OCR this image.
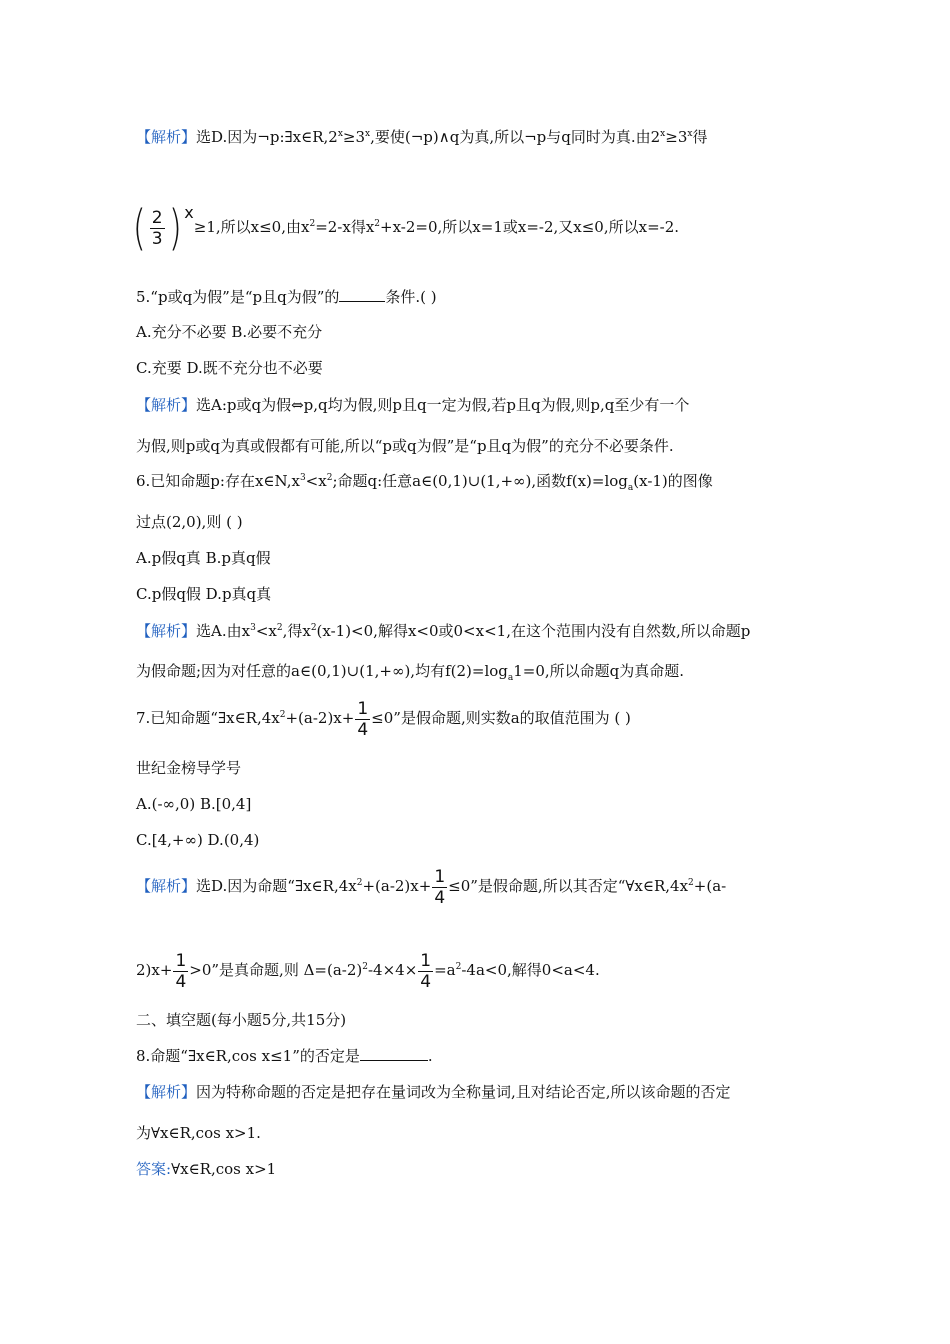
【解析】选D.因为$\neg p:\exists x\in R,2^x\ge 3^x$,要使(¬p)∧q为真,所以¬p与q同时为真.由$2^x\ge 3^x$得
( $\frac{2}{3}$ ) x≥1,所以x≤0,由$x^2=2-x$得$x^2+x-2=0$,所以x=1或x=-2,又x≤0,所以x=-2.
5.“p或q为假”是“p且q为假”的	条件.( )
A.充分不必要 B.必要不充分
C.充要 D.既不充分也不必要
【解析】选A:p或q为假⇔p,q均为假,则p且q一定为假,若p且q为假,则p,q至少有一个
为假,则p或q为真或假都有可能,所以“p或q为假”是“p且q为假”的充分不必要条件.
6.已知命题p:存在$x\in N,x^3<x^2$;命题q:任意a∈(0,1)∪(1,+∞),函数$f(x)=\log_a(x-1)$的图像
过点(2,0),则 ( )
A.p假q真 B.p真q假
C.p假q假 D.p真q真
【解析】选A.由$x^3<x^2$,得$x^2(x-1)<0$,解得x<0或0<x<1,在这个范围内没有自然数,所以命题p
为假命题;因为对任意的a∈(0,1)∪(1,+∞),均有$f(2)=\log_a1=0$,所以命题q为真命题.
7.已知命题“$\exists x\in R,4x^2+(a-2)x+ \frac{1}{4} \le 0$”是假命题,则实数a的取值范围为 ( )
世纪金榜导学号
A.(-∞,0) B.[0,4]
C.[4,+∞) D.(0,4)
【解析】选D.因为命题“$\exists x\in R,4x^2+(a-2)x+ \frac{1}{4} \le 0$”是假命题,所以其否定“$\forall x\in R,4x^2+(a-$
$2)x+ \frac{1}{4} >0$”是真命题,则 $\Delta=(a-2)^2-4\times 4\times \frac{1}{4} =a^2-4a<0$,解得0<a<4.
二、填空题(每小题5分,共15分)
8.命题“∃x∈R,cos x≤1”的否定是	.
【解析】因为特称命题的否定是把存在量词改为全称量词,且对结论否定,所以该命题的否定
为∀x∈R,cos x>1.
答案:∀x∈R,cos x>1
